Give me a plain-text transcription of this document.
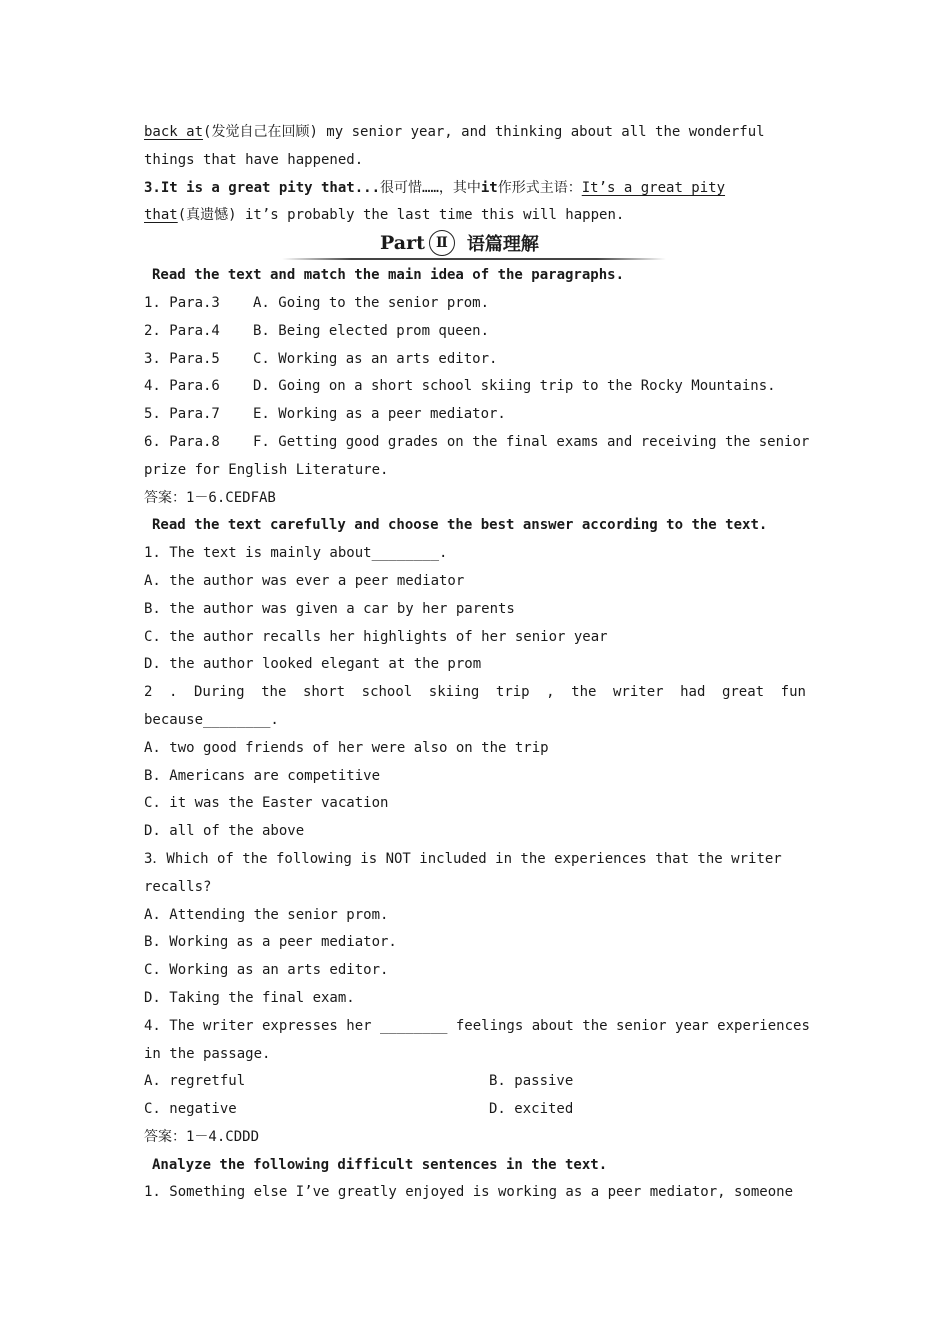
back at(发觉自己在回顾) my senior year, and thinking about all the wonderful
things that have happened.
3.It is a great pity that...很可惜……，其中it作形式主语：It’s a great pity
that(真遗憾) it’s probably the last time this will happen.
Part Ⅱ	语篇理解
Read the text and match the main idea of the paragraphs.
1. Para.3 A. Going to the senior prom.
2. Para.4 B. Being elected prom queen.
3. Para.5 C. Working as an arts editor.
4. Para.6 D. Going on a short school skiing trip to the Rocky Mountains.
5. Para.7 E. Working as a peer mediator.
6. Para.8 F. Getting good grades on the final exams and receiving the senior
prize for English Literature.
答案：1－6.CEDFAB
Read the text carefully and choose the best answer according to the text.
1. The text is mainly about________.
A. the author was ever a peer mediator
B. the author was given a car by her parents
C. the author recalls her highlights of her senior year
D. the author looked elegant at the prom
2 . During the short school skiing trip , the writer had great fun
because________.
A. two good friends of her were also on the trip
B. Americans are competitive
C. it was the Easter vacation
D. all of the above
3．Which of the following is NOT included in the experiences that the writer
recalls?
A. Attending the senior prom.
B. Working as a peer mediator.
C. Working as an arts editor.
D. Taking the final exam.
4. The writer expresses her ________ feelings about the senior year experiences
in the passage.
A. regretful	B. passive
C. negative	D. excited
答案：1－4.CDDD
Analyze the following difficult sentences in the text.
1. Something else I’ve greatly enjoyed is working as a peer mediator, someone
